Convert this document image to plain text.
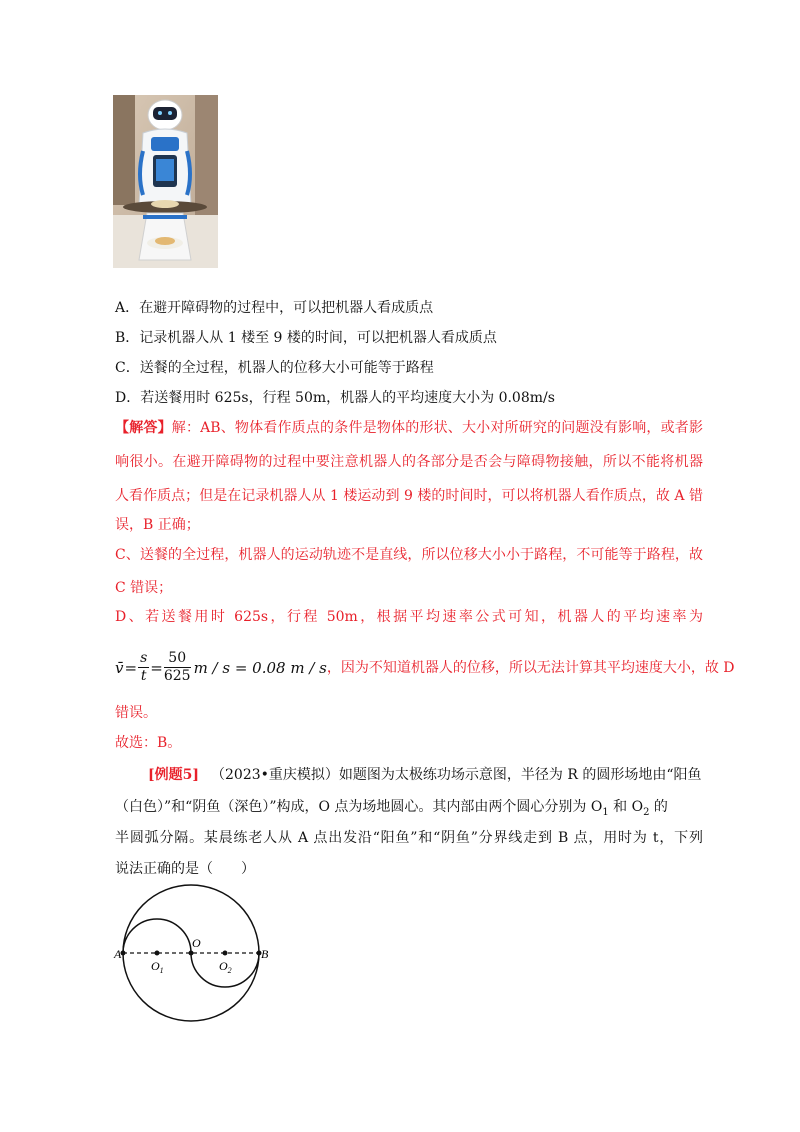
A．在避开障碍物的过程中，可以把机器人看成质点
B．记录机器人从 1 楼至 9 楼的时间，可以把机器人看成质点
C．送餐的全过程，机器人的位移大小可能等于路程
D．若送餐用时 625s，行程 50m，机器人的平均速度大小为 0.08m/s
【解答】解：AB、物体看作质点的条件是物体的形状、大小对所研究的问题没有影响，或者影
响很小。在避开障碍物的过程中要注意机器人的各部分是否会与障碍物接触，所以不能将机器
人看作质点；但是在记录机器人从 1 楼运动到 9 楼的时间时，可以将机器人看作质点，故 A 错
误，B 正确；
C、送餐的全过程，机器人的运动轨迹不是直线，所以位移大小小于路程，不可能等于路程，故
C 错误；
D、若送餐用时 625s，行程 50m，根据平均速率公式可知，机器人的平均速率为
v̄ = $\frac{s}{t} = \frac{50}{625}$ m / s = 0.08 m / s ，因为不知道机器人的位移，所以无法计算其平均速度大小，故 D
错误。
故选：B。
[例题5] （2023•重庆模拟）如题图为太极练功场示意图，半径为 R 的圆形场地由“阳鱼
（白色）”和“阴鱼（深色）”构成，O 点为场地圆心。其内部由两个圆心分别为 $O_1$ 和 $O_2$ 的
半圆弧分隔。某晨练老人从 A 点出发沿“阳鱼”和“阴鱼”分界线走到 B 点，用时为 t，下列
说法正确的是（　　）
A	B
O
$O_1$	$O_2$
